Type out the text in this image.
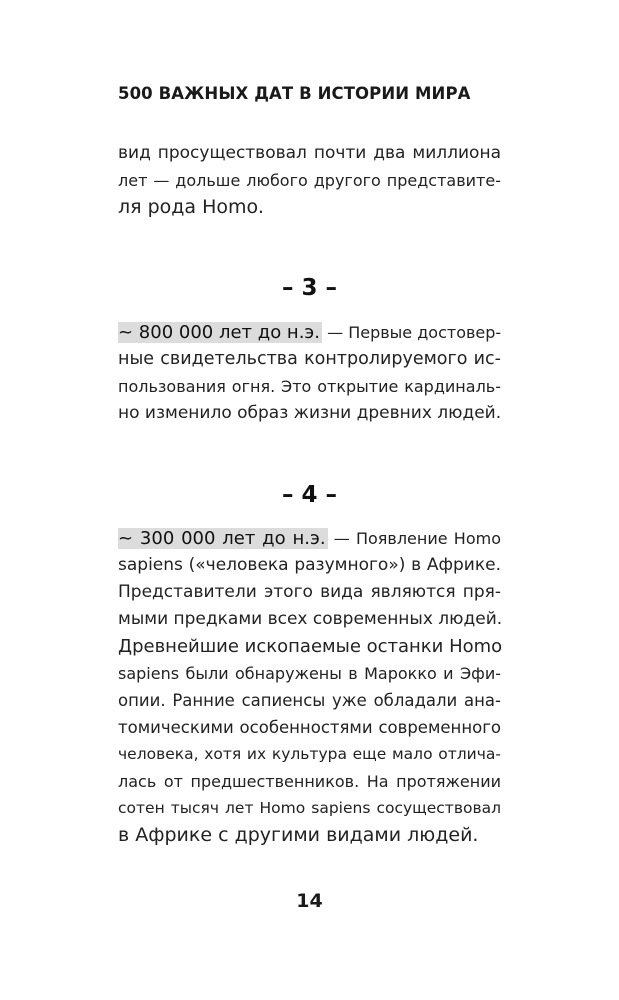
500 ВАЖНЫХ ДАТ В ИСТОРИИ МИРА
вид просуществовал почти два миллиона
лет — дольше любого другого представите-
ля рода Homo.
– 3 –
~ 800 000 лет до н.э. — Первые достовер-
ные свидетельства контролируемого ис-
пользования огня. Это открытие кардиналь-
но изменило образ жизни древних людей.
– 4 –
~ 300 000 лет до н.э. — Появление Homo
sapiens («человека разумного») в Африке.
Представители этого вида являются пря-
мыми предками всех современных людей.
Древнейшие ископаемые останки Homo
sapiens были обнаружены в Марокко и Эфи-
опии. Ранние сапиенсы уже обладали ана-
томическими особенностями современного
человека, хотя их культура еще мало отлича-
лась от предшественников. На протяжении
сотен тысяч лет Homo sapiens сосуществовал
в Африке с другими видами людей.
14
